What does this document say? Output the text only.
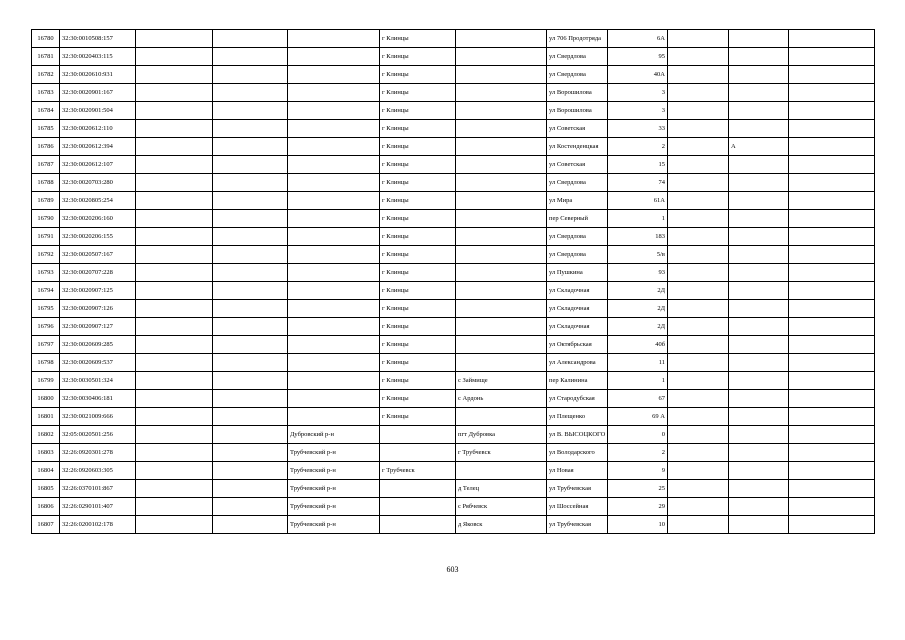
16780	32:30:0010508:157				г Клинцы		ул 706 Продотряда	6А			
16781	32:30:0020403:115				г Клинцы		ул Свердлова	95			
16782	32:30:0020610:931				г Клинцы		ул Свердлова	40А			
16783	32:30:0020901:167				г Клинцы		ул Ворошилова	3			
16784	32:30:0020901:504				г Клинцы		ул Ворошилова	3			
16785	32:30:0020612:110				г Клинцы		ул Советская	33			
16786	32:30:0020612:394				г Клинцы		ул Костенденцкая	2		А	
16787	32:30:0020612:107				г Клинцы		ул Советская	15			
16788	32:30:0020703:280				г Клинцы		ул Свердлова	74			
16789	32:30:0020805:254				г Клинцы		ул Мира	61А			
16790	32:30:0020206:160				г Клинцы		пер Северный	1			
16791	32:30:0020206:155				г Клинцы		ул Свердлова	183			
16792	32:30:0020507:167				г Клинцы		ул Свердлова	5/в			
16793	32:30:0020707:228				г Клинцы		ул Пушкина	93			
16794	32:30:0020907:125				г Клинцы		ул Складочная	2Д			
16795	32:30:0020907:126				г Клинцы		ул Складочная	2Д			
16796	32:30:0020907:127				г Клинцы		ул Складочная	2Д			
16797	32:30:0020609:285				г Клинцы		ул Октябрьская	40б			
16798	32:30:0020609:537				г Клинцы		ул Александрова	11			
16799	32:30:0030501:324				г Клинцы	с Займище	пер Калинина	1			
16800	32:30:0030406:181				г Клинцы	с Ардонь	ул Стародубская	67			
16801	32:30:0021009:666				г Клинцы		ул Плещенко	69 А			
16802	32:05:0020501:256			Дубровский р-н		пгт Дубровка	ул В. ВЫСОЦКОГО	0			
16803	32:26:0920301:278			Трубчевский р-н		г Трубчевск	ул Володарского	2			
16804	32:26:0920603:305			Трубчевский р-н	г Трубчевск		ул Новая	9			
16805	32:26:0370101:867			Трубчевский р-н		д Телец	ул Трубчевская	25			
16806	32:26:0290101:407			Трубчевский р-н		с Рябчевск	ул Шоссейная	29			
16807	32:26:0200102:178			Трубчевский р-н		д Яковск	ул Трубчевская	10			
603
